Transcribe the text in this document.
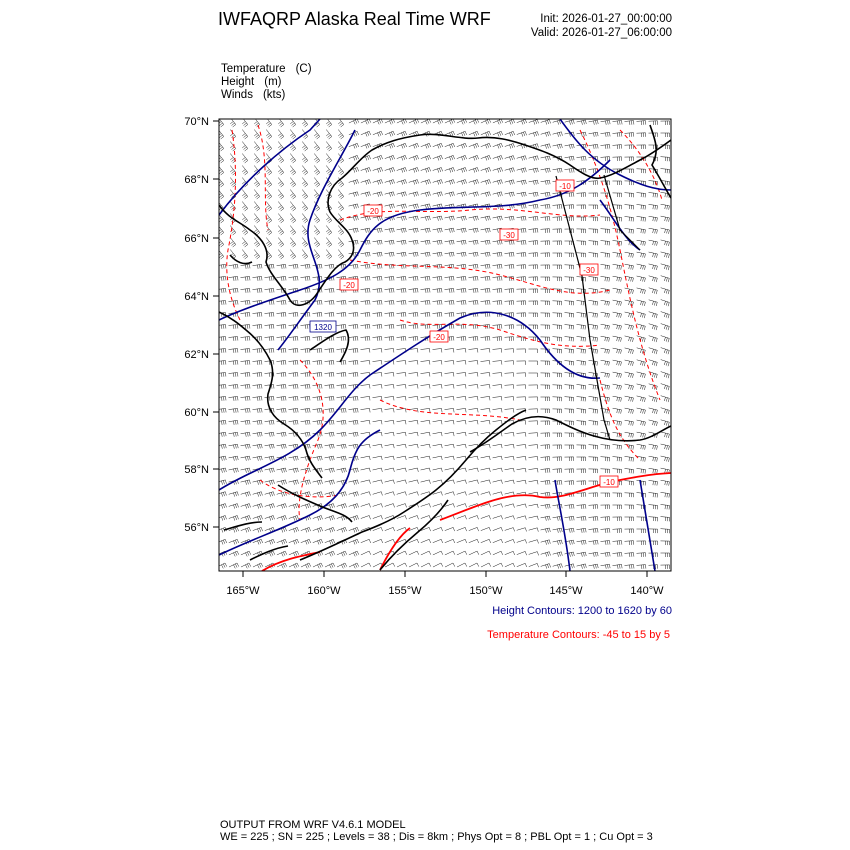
IWFAQRP Alaska Real Time WRF	Init: 2026-01-27_00:00:00
Valid: 2026-01-27_06:00:00
Temperature (C)
Height (m)
Winds (kts)
1320
-20
-20
-30
-20
-10
-30
-10
70°N
68°N
66°N
64°N
62°N
60°N
58°N
56°N
165°W	160°W	155°W	150°W	145°W	140°W
Height Contours: 1200 to 1620 by 60
Temperature Contours: -45 to 15 by 5
OUTPUT FROM WRF V4.6.1 MODEL
WE = 225 ; SN = 225 ; Levels = 38 ; Dis = 8km ; Phys Opt = 8 ; PBL Opt = 1 ; Cu Opt = 3
